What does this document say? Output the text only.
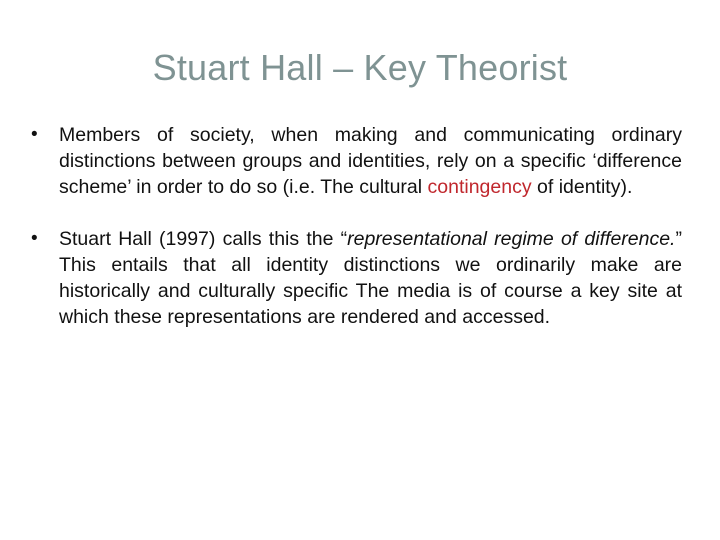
Stuart Hall – Key Theorist
• Members of society, when making and communicating ordinary distinctions between groups and identities, rely on a specific ‘difference scheme’ in order to do so (i.e. The cultural contingency of identity).
• Stuart Hall (1997) calls this the “representational regime of difference.” This entails that all identity distinctions we ordinarily make are historically and culturally specific The media is of course a key site at which these representations are rendered and accessed.
